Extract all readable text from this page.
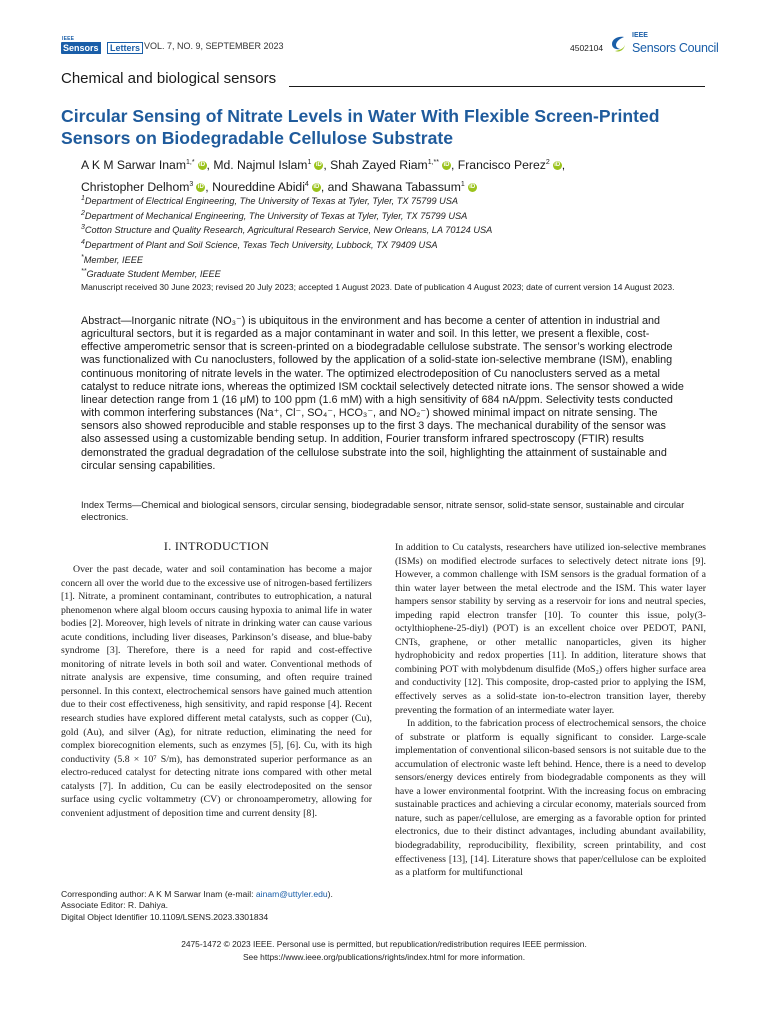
IEEE
Sensors	Letters VOL. 7, NO. 9, SEPTEMBER 2023	4502104
IEEE
Sensors Council
Chemical and biological sensors
Circular Sensing of Nitrate Levels in Water With Flexible Screen-Printed Sensors on Biodegradable Cellulose Substrate
A K M Sarwar Inam$^{1,*}$ iD , Md. Najmul Islam$^1$ iD , Shah Zayed Riam$^{1,**}$ iD , Francisco Perez$^2$ iD ,
Christopher Delhom$^3$ iD , Noureddine Abidi$^4$ iD , and Shawana Tabassum$^1$ iD
$^1$Department of Electrical Engineering, The University of Texas at Tyler, Tyler, TX 75799 USA
$^2$Department of Mechanical Engineering, The University of Texas at Tyler, Tyler, TX 75799 USA
$^3$Cotton Structure and Quality Research, Agricultural Research Service, New Orleans, LA 70124 USA
$^4$Department of Plant and Soil Science, Texas Tech University, Lubbock, TX 79409 USA
*Member, IEEE
**Graduate Student Member, IEEE
Manuscript received 30 June 2023; revised 20 July 2023; accepted 1 August 2023. Date of publication 4 August 2023; date of current version 14 August 2023.
Abstract—Inorganic nitrate (NO₃⁻) is ubiquitous in the environment and has become a center of attention in industrial and agricultural sectors, but it is regarded as a major contaminant in water and soil. In this letter, we present a flexible, cost-effective amperometric sensor that is screen-printed on a biodegradable cellulose substrate. The sensor’s working electrode was functionalized with Cu nanoclusters, followed by the application of a solid-state ion-selective membrane (ISM), enabling continuous monitoring of nitrate levels in the water. The optimized electrodeposition of Cu nanoclusters served as a metal catalyst to reduce nitrate ions, whereas the optimized ISM cocktail selectively detected nitrate ions. The sensor showed a wide linear detection range from 1 (16 μM) to 100 ppm (1.6 mM) with a high sensitivity of 684 nA/ppm. Selectivity tests conducted with common interfering substances (Na⁺, Cl⁻, SO₄⁻, HCO₃⁻, and NO₂⁻) showed minimal impact on nitrate sensing. The sensors also showed reproducible and stable responses up to the first 3 days. The mechanical durability of the sensor was also assessed using a customizable bending setup. In addition, Fourier transform infrared spectroscopy (FTIR) results demonstrated the gradual degradation of the cellulose substrate into the soil, highlighting the attainment of sustainable and circular sensing capabilities.
Index Terms—Chemical and biological sensors, circular sensing, biodegradable sensor, nitrate sensor, solid-state sensor, sustainable and circular electronics.
I. INTRODUCTION

Over the past decade, water and soil contamination has become a major concern all over the world due to the excessive use of nitrogen-based fertilizers [1]. Nitrate, a prominent contaminant, contributes to eutrophication, a natural phenomenon where algal bloom occurs causing hypoxia to animal life in water bodies [2]. Moreover, high levels of nitrate in drinking water can cause various acute conditions, including liver diseases, Parkinson’s disease, and blue-baby syndrome [3]. Therefore, there is a need for rapid and cost-effective monitoring of nitrate levels in both soil and water. Conventional methods of nitrate analysis are expensive, time consuming, and often require trained personnel. In this context, electrochemical sensors have gained much attention due to their cost effectiveness, high sensitivity, and rapid response [4]. Recent research studies have explored different metal catalysts, such as copper (Cu), gold (Au), and silver (Ag), for nitrate reduction, eliminating the need for complex biorecognition elements, such as enzymes [5], [6]. Cu, with its high conductivity (5.8 × 10⁷ S/m), has demonstrated superior performance as an electro-reduced catalyst for detecting nitrate ions compared with other metal catalysts [7]. In addition, Cu can be easily electrodeposited on the sensor surface using cyclic voltammetry (CV) or chronoamperometry, allowing for convenient adjustment of deposition time and current density [8].

In addition to Cu catalysts, researchers have utilized ion-selective membranes (ISMs) on modified electrode surfaces to selectively detect nitrate ions [9]. However, a common challenge with ISM sensors is the gradual formation of a thin water layer between the metal electrode and the ISM. This water layer hampers sensor stability by serving as a reservoir for ions and neutral species, impeding rapid electron transfer [10]. To counter this issue, poly(3-octylthiophene-25-diyl) (POT) is an excellent choice over PEDOT, PANI, CNTs, graphene, or other metallic nanoparticles, given its higher hydrophobicity and redox properties [11]. In addition, literature shows that combining POT with molybdenum disulfide (MoS₂) offers higher surface area and conductivity [12]. This composite, drop-casted prior to applying the ISM, effectively serves as a solid-state ion-to-electron transition layer, thereby preventing the formation of an intermediate water layer.

In addition, to the fabrication process of electrochemical sensors, the choice of substrate or platform is equally significant to consider. Large-scale implementation of conventional silicon-based sensors is not suitable due to the accumulation of electronic waste left behind. Hence, there is a need to develop sensors/energy devices entirely from biodegradable components as they will have a lower environmental footprint. With the increasing focus on embracing sustainable practices and achieving a circular economy, materials sourced from nature, such as paper/cellulose, are emerging as a favorable option for printed electronics, due to their distinct advantages, including abundant availability, biodegradability, reproducibility, flexibility, screen printability, and cost effectiveness [13], [14]. Literature shows that paper/cellulose can be exploited as a platform for multifunctional

Corresponding author: A K M Sarwar Inam (e-mail: ainam@uttyler.edu).
Associate Editor: R. Dahiya.
Digital Object Identifier 10.1109/LSENS.2023.3301834
2475-1472 © 2023 IEEE. Personal use is permitted, but republication/redistribution requires IEEE permission.
See https://www.ieee.org/publications/rights/index.html for more information.
